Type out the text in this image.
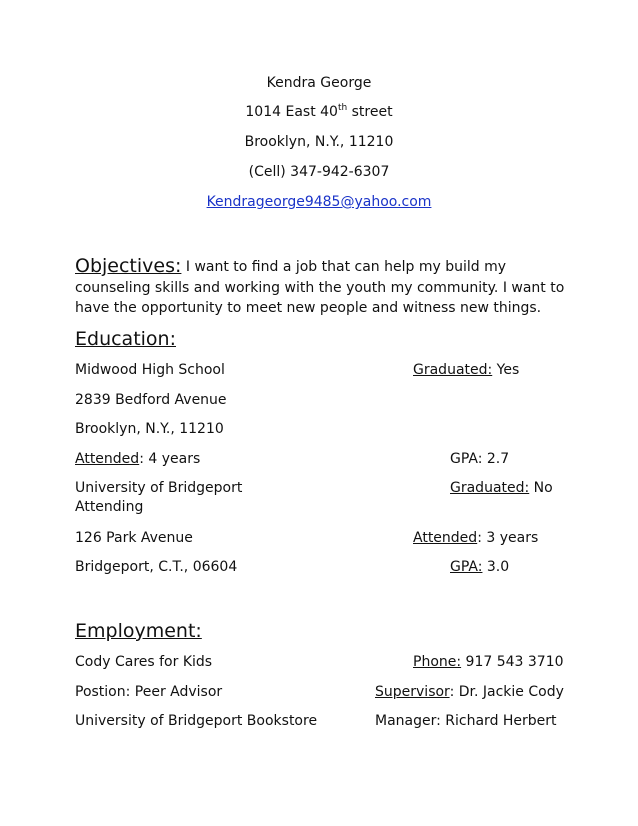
Kendra George
1014 East 40th street
Brooklyn, N.Y., 11210
(Cell) 347-942-6307
Kendrageorge9485@yahoo.com
Objectives: I want to find a job that can help my build my counseling skills and working with the youth my community. I want to have the opportunity to meet new people and witness new things.
Education:
Midwood High School	Graduated: Yes
2839 Bedford Avenue
Brooklyn, N.Y., 11210
Attended: 4 years	GPA: 2.7
University of Bridgeport	Graduated: No
Attending
126 Park Avenue	Attended: 3 years
Bridgeport, C.T., 06604	GPA: 3.0
Employment:
Cody Cares for Kids	Phone: 917 543 3710
Postion: Peer Advisor	Supervisor: Dr. Jackie Cody
University of Bridgeport Bookstore	Manager: Richard Herbert
